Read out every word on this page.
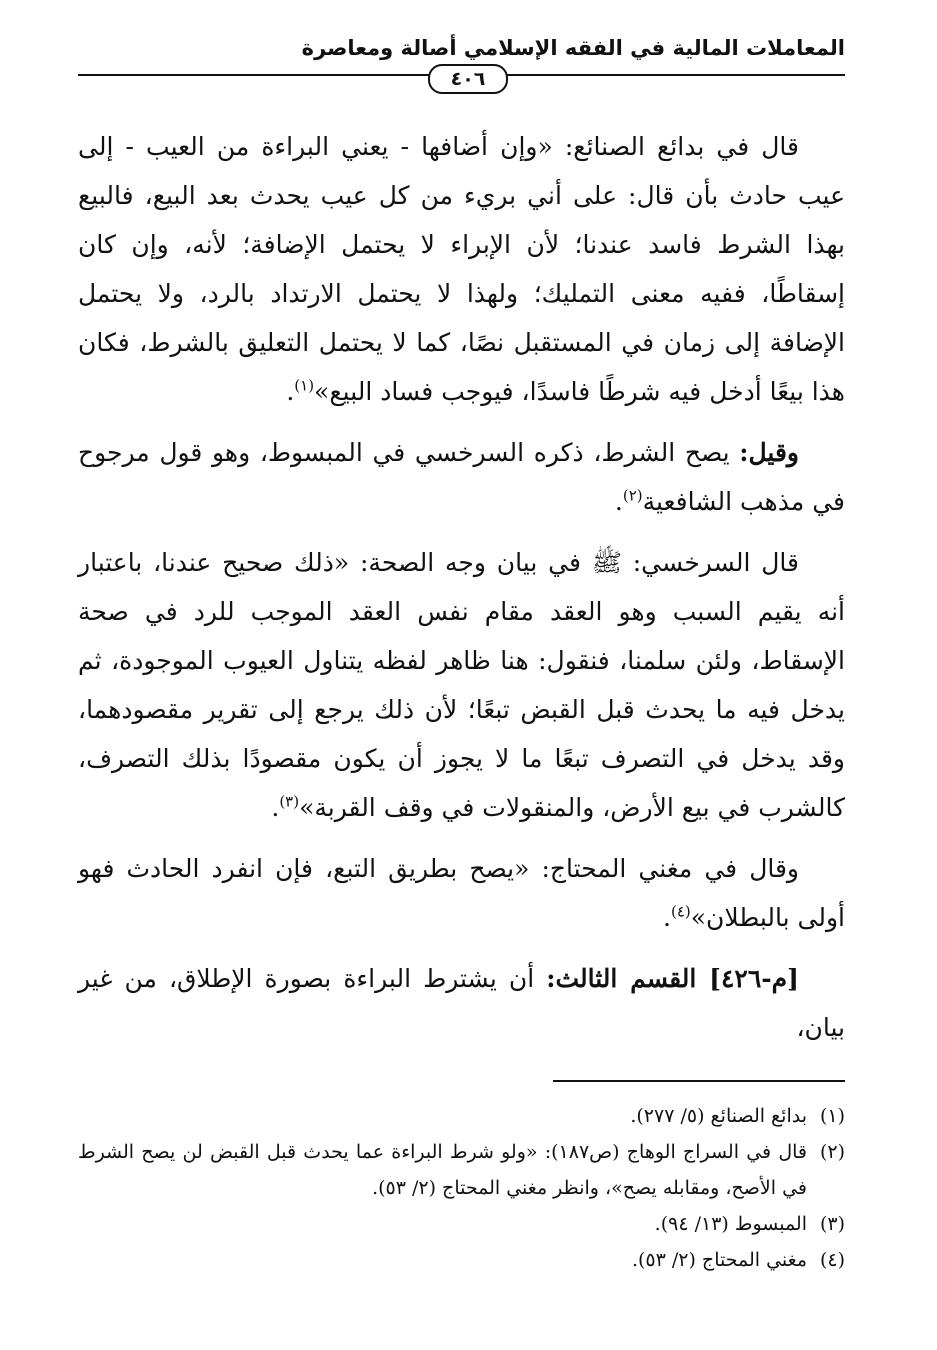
المعاملات المالية في الفقه الإسلامي أصالة ومعاصرة
٤٠٦

قال في بدائع الصنائع: «وإن أضافها - يعني البراءة من العيب - إلى عيب حادث بأن قال: على أني بريء من كل عيب يحدث بعد البيع، فالبيع بهذا الشرط فاسد عندنا؛ لأن الإبراء لا يحتمل الإضافة؛ لأنه، وإن كان إسقاطًا، ففيه معنى التمليك؛ ولهذا لا يحتمل الارتداد بالرد، ولا يحتمل الإضافة إلى زمان في المستقبل نصًا، كما لا يحتمل التعليق بالشرط، فكان هذا بيعًا أدخل فيه شرطًا فاسدًا، فيوجب فساد البيع»$^{(١)}$.

وقيل: يصح الشرط، ذكره السرخسي في المبسوط، وهو قول مرجوح في مذهب الشافعية$^{(٢)}$.

قال السرخسي: ﷺ في بيان وجه الصحة: «ذلك صحيح عندنا، باعتبار أنه يقيم السبب وهو العقد مقام نفس العقد الموجب للرد في صحة الإسقاط، ولئن سلمنا، فنقول: هنا ظاهر لفظه يتناول العيوب الموجودة، ثم يدخل فيه ما يحدث قبل القبض تبعًا؛ لأن ذلك يرجع إلى تقرير مقصودهما، وقد يدخل في التصرف تبعًا ما لا يجوز أن يكون مقصودًا بذلك التصرف، كالشرب في بيع الأرض، والمنقولات في وقف القربة»$^{(٣)}$.

وقال في مغني المحتاج: «يصح بطريق التبع، فإن انفرد الحادث فهو أولى بالبطلان»$^{(٤)}$.

[م-٤٢٦] القسم الثالث: أن يشترط البراءة بصورة الإطلاق، من غير بيان،

(١)
بدائع الصنائع (٥/ ٢٧٧).
(٢)
قال في السراج الوهاج (ص١٨٧): «ولو شرط البراءة عما يحدث قبل القبض لن يصح الشرط في الأصح، ومقابله يصح»، وانظر مغني المحتاج (٢/ ٥٣).
(٣)
المبسوط (١٣/ ٩٤).
(٤)
مغني المحتاج (٢/ ٥٣).
